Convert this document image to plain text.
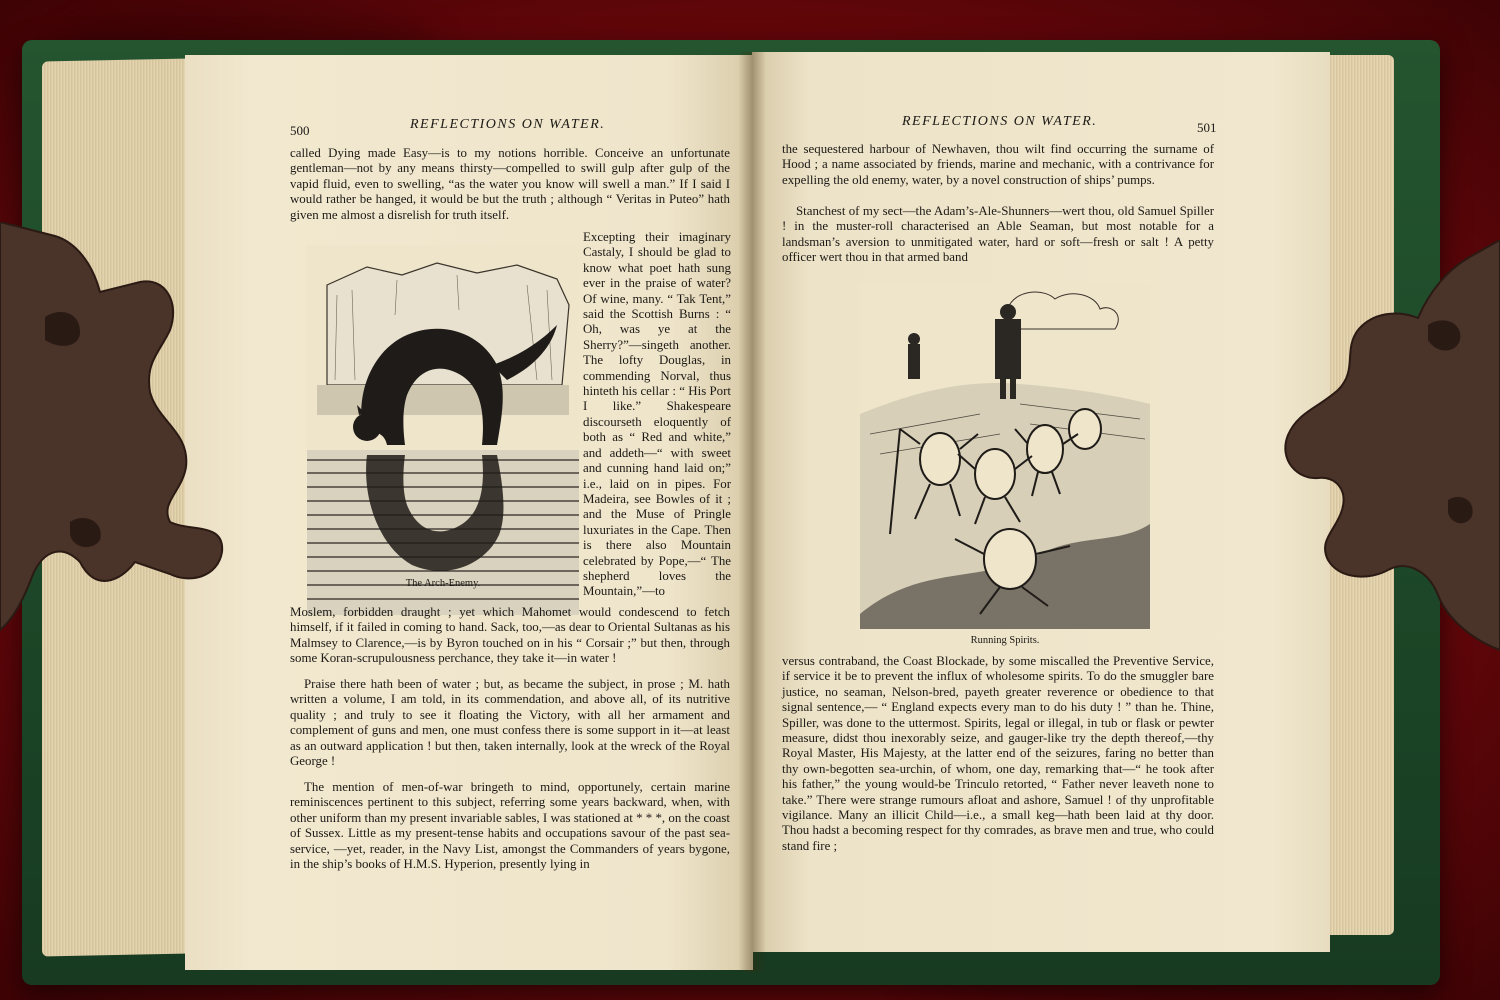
500	REFLECTIONS ON WATER.

called Dying made Easy—is to my notions horrible. Conceive an unfortunate gentleman—not by any means thirsty—compelled to swill gulp after gulp of the vapid fluid, even to swelling, “as the water you know will swell a man.” If I said I would rather be hanged, it would be but the truth ; although “ Veritas in Puteo” hath given me almost a disrelish for truth itself.

The Arch-Enemy.

Excepting their imaginary Castaly, I should be glad to know what poet hath sung ever in the praise of water? Of wine, many. “ Tak Tent,” said the Scottish Burns : “ Oh, was ye at the Sherry?”—singeth another. The lofty Douglas, in commending Norval, thus hinteth his cellar : “ His Port I like.” Shakespeare discourseth eloquently of both as “ Red and white,” and addeth—“ with sweet and cunning hand laid on;” i.e., laid on in pipes. For Madeira, see Bowles of it ; and the Muse of Pringle luxuriates in the Cape. Then is there also Mountain celebrated by Pope,—“ The shepherd loves the Mountain,”—to

Moslem, forbidden draught ; yet which Mahomet would condescend to fetch himself, if it failed in coming to hand. Sack, too,—as dear to Oriental Sultanas as his Malmsey to Clarence,—is by Byron touched on in his “ Corsair ;” but then, through some Koran-scrupulousness perchance, they take it—in water !

Praise there hath been of water ; but, as became the subject, in prose ; M. hath written a volume, I am told, in its commendation, and above all, of its nutritive quality ; and truly to see it floating the Victory, with all her armament and complement of guns and men, one must confess there is some support in it—at least as an outward application ! but then, taken internally, look at the wreck of the Royal George !

The mention of men-of-war bringeth to mind, opportunely, certain marine reminiscences pertinent to this subject, referring some years backward, when, with other uniform than my present invariable sables, I was stationed at * * *, on the coast of Sussex. Little as my present-tense habits and occupations savour of the past sea-service, —yet, reader, in the Navy List, amongst the Commanders of years bygone, in the ship’s books of H.M.S. Hyperion, presently lying in

REFLECTIONS ON WATER.	501

the sequestered harbour of Newhaven, thou wilt find occurring the surname of Hood ; a name associated by friends, marine and mechanic, with a contrivance for expelling the old enemy, water, by a novel construction of ships’ pumps.

Stanchest of my sect—the Adam’s-Ale-Shunners—wert thou, old Samuel Spiller ! in the muster-roll characterised an Able Seaman, but most notable for a landsman’s aversion to unmitigated water, hard or soft—fresh or salt ! A petty officer wert thou in that armed band

Running Spirits.

versus contraband, the Coast Blockade, by some miscalled the Preventive Service, if service it be to prevent the influx of wholesome spirits. To do the smuggler bare justice, no seaman, Nelson-bred, payeth greater reverence or obedience to that signal sentence,— “ England expects every man to do his duty ! ” than he. Thine, Spiller, was done to the uttermost. Spirits, legal or illegal, in tub or flask or pewter measure, didst thou inexorably seize, and gauger-like try the depth thereof,—thy Royal Master, His Majesty, at the latter end of the seizures, faring no better than thy own-begotten sea-urchin, of whom, one day, remarking that—“ he took after his father,” the young would-be Trinculo retorted, “ Father never leaveth none to take.” There were strange rumours afloat and ashore, Samuel ! of thy unprofitable vigilance. Many an illicit Child—i.e., a small keg—hath been laid at thy door. Thou hadst a becoming respect for thy comrades, as brave men and true, who could stand fire ;
